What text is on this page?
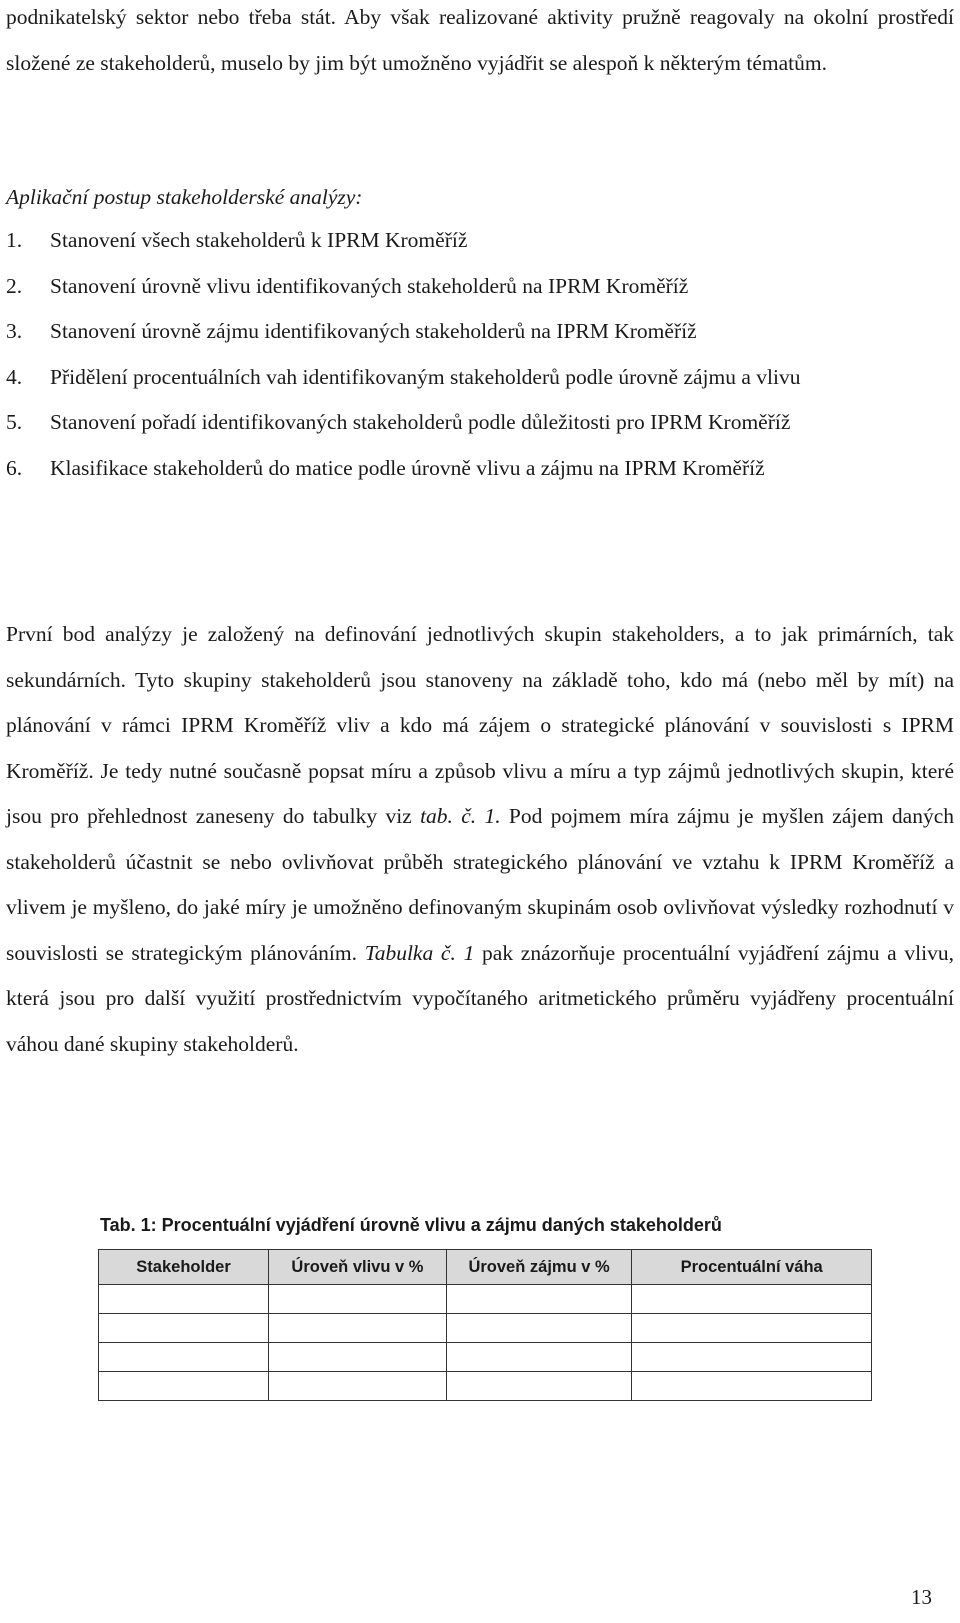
podnikatelský sektor nebo třeba stát. Aby však realizované aktivity pružně reagovaly na okolní prostředí složené ze stakeholderů, muselo by jim být umožněno vyjádřit se alespoň k některým tématům.

Aplikační postup stakeholderské analýzy:

1. Stanovení všech stakeholderů k IPRM Kroměříž
2. Stanovení úrovně vlivu identifikovaných stakeholderů na IPRM Kroměříž
3. Stanovení úrovně zájmu identifikovaných stakeholderů na IPRM Kroměříž
4. Přidělení procentuálních vah identifikovaným stakeholderů podle úrovně zájmu a vlivu
5. Stanovení pořadí identifikovaných stakeholderů podle důležitosti pro IPRM Kroměříž
6. Klasifikace stakeholderů do matice podle úrovně vlivu a zájmu na IPRM Kroměříž

První bod analýzy je založený na definování jednotlivých skupin stakeholders, a to jak primárních, tak sekundárních. Tyto skupiny stakeholderů jsou stanoveny na základě toho, kdo má (nebo měl by mít) na plánování v rámci IPRM Kroměříž vliv a kdo má zájem o strategické plánování v souvislosti s IPRM Kroměříž. Je tedy nutné současně popsat míru a způsob vlivu a míru a typ zájmů jednotlivých skupin, které jsou pro přehlednost zaneseny do tabulky viz tab. č. 1. Pod pojmem míra zájmu je myšlen zájem daných stakeholderů účastnit se nebo ovlivňovat průběh strategického plánování ve vztahu k IPRM Kroměříž a vlivem je myšleno, do jaké míry je umožněno definovaným skupinám osob ovlivňovat výsledky rozhodnutí v souvislosti se strategickým plánováním. Tabulka č. 1 pak znázorňuje procentuální vyjádření zájmu a vlivu, která jsou pro další využití prostřednictvím vypočítaného aritmetického průměru vyjádřeny procentuální váhou dané skupiny stakeholderů.

Tab. 1: Procentuální vyjádření úrovně vlivu a zájmu daných stakeholderů

Stakeholder	Úroveň vlivu v %	Úroveň zájmu v %	Procentuální váha

13
